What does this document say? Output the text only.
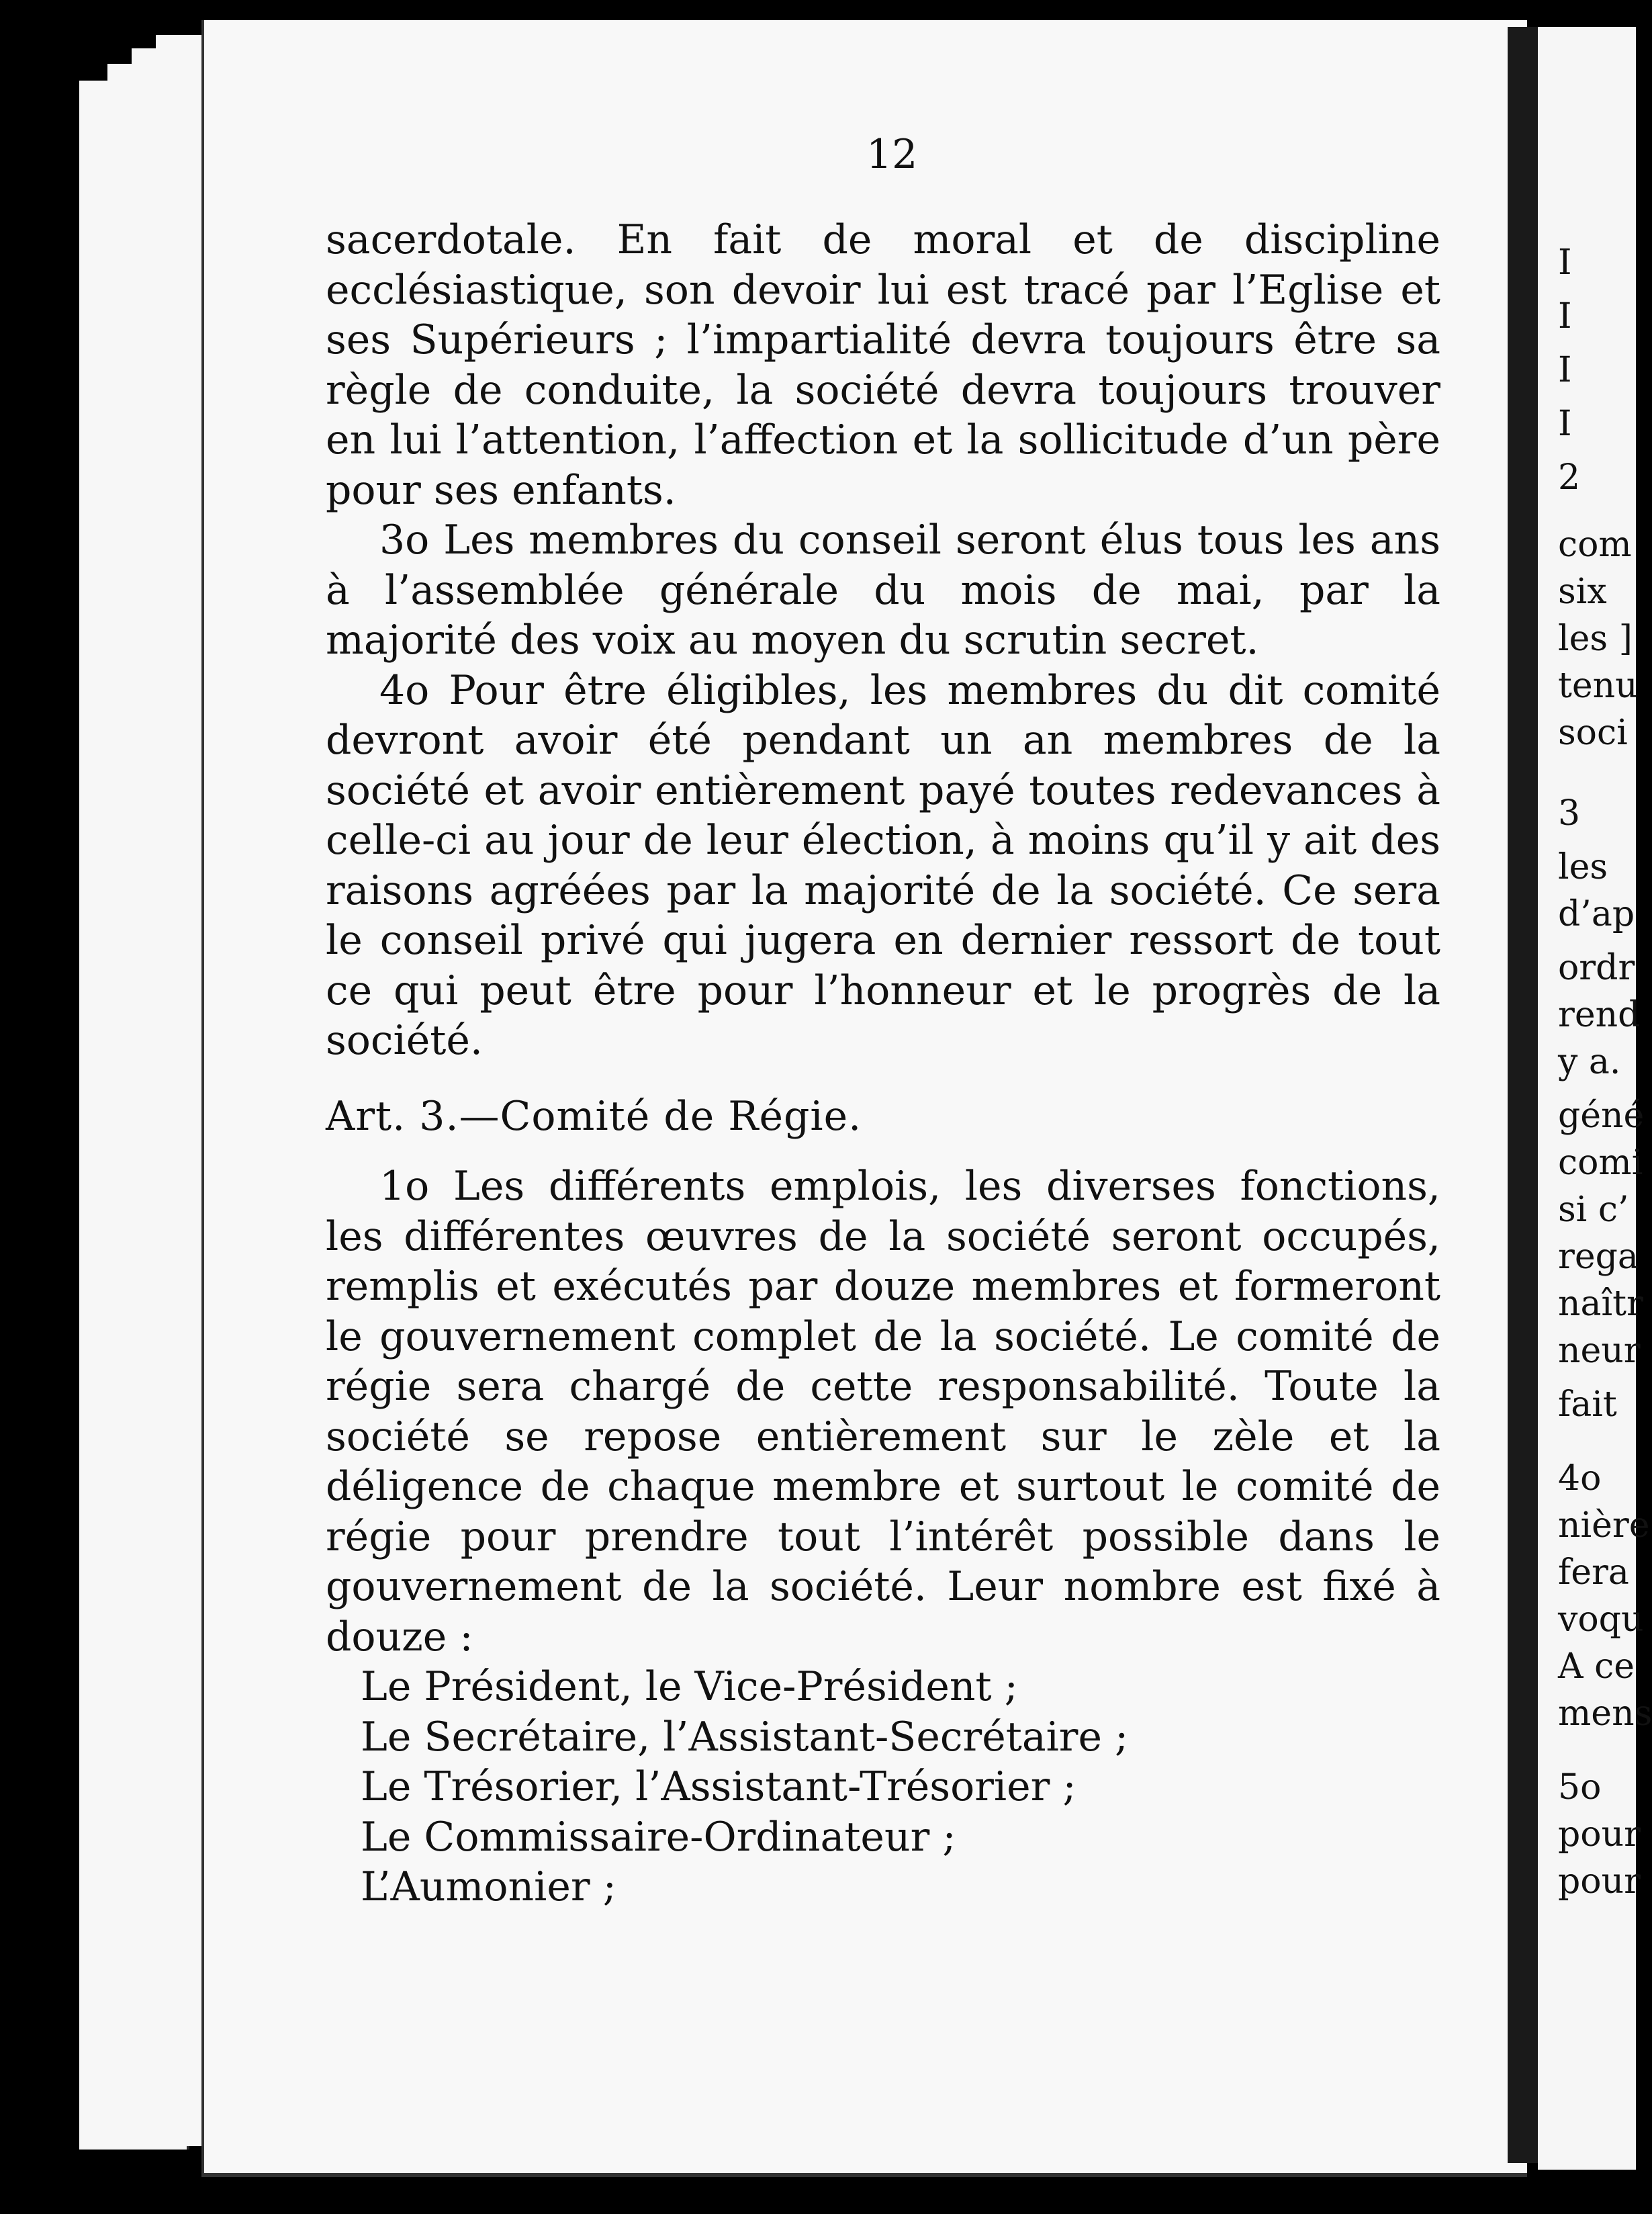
I
I
I
I
2
com
six
les ]
tenu
soci
3
les
d’ap
ordr
rend
y a.
géné
comi
si c’
rega
naîtr
neur
fait
4o
nière
fera
voqu
A ce
mens
5o
pour
pour
12

sacerdotale. En fait de moral et de discipline ecclésiastique, son devoir lui est tracé par l’Eglise et ses Supérieurs ; l’impartialité devra toujours être sa règle de conduite, la société devra toujours trouver en lui l’attention, l’affection et la sollicitude d’un père pour ses enfants.

3o Les membres du conseil seront élus tous les ans à l’assemblée générale du mois de mai, par la majorité des voix au moyen du scrutin secret.

4o Pour être éligibles, les membres du dit comité devront avoir été pendant un an membres de la société et avoir entièrement payé toutes redevances à celle-ci au jour de leur élection, à moins qu’il y ait des raisons agréées par la majorité de la société. Ce sera le conseil privé qui jugera en dernier ressort de tout ce qui peut être pour l’honneur et le progrès de la société.

Art. 3.—Comité de Régie.

1o Les différents emplois, les diverses fonctions, les différentes œuvres de la société seront occupés, remplis et exécutés par douze membres et formeront le gouvernement complet de la société. Le comité de régie sera chargé de cette responsabilité. Toute la société se repose entièrement sur le zèle et la déligence de chaque membre et surtout le comité de régie pour prendre tout l’intérêt possible dans le gouvernement de la société. Leur nombre est fixé à douze :

Le Président, le Vice-Président ;

Le Secrétaire, l’Assistant-Secrétaire ;

Le Trésorier, l’Assistant-Trésorier ;

Le Commissaire-Ordinateur ;

L’Aumonier ;
